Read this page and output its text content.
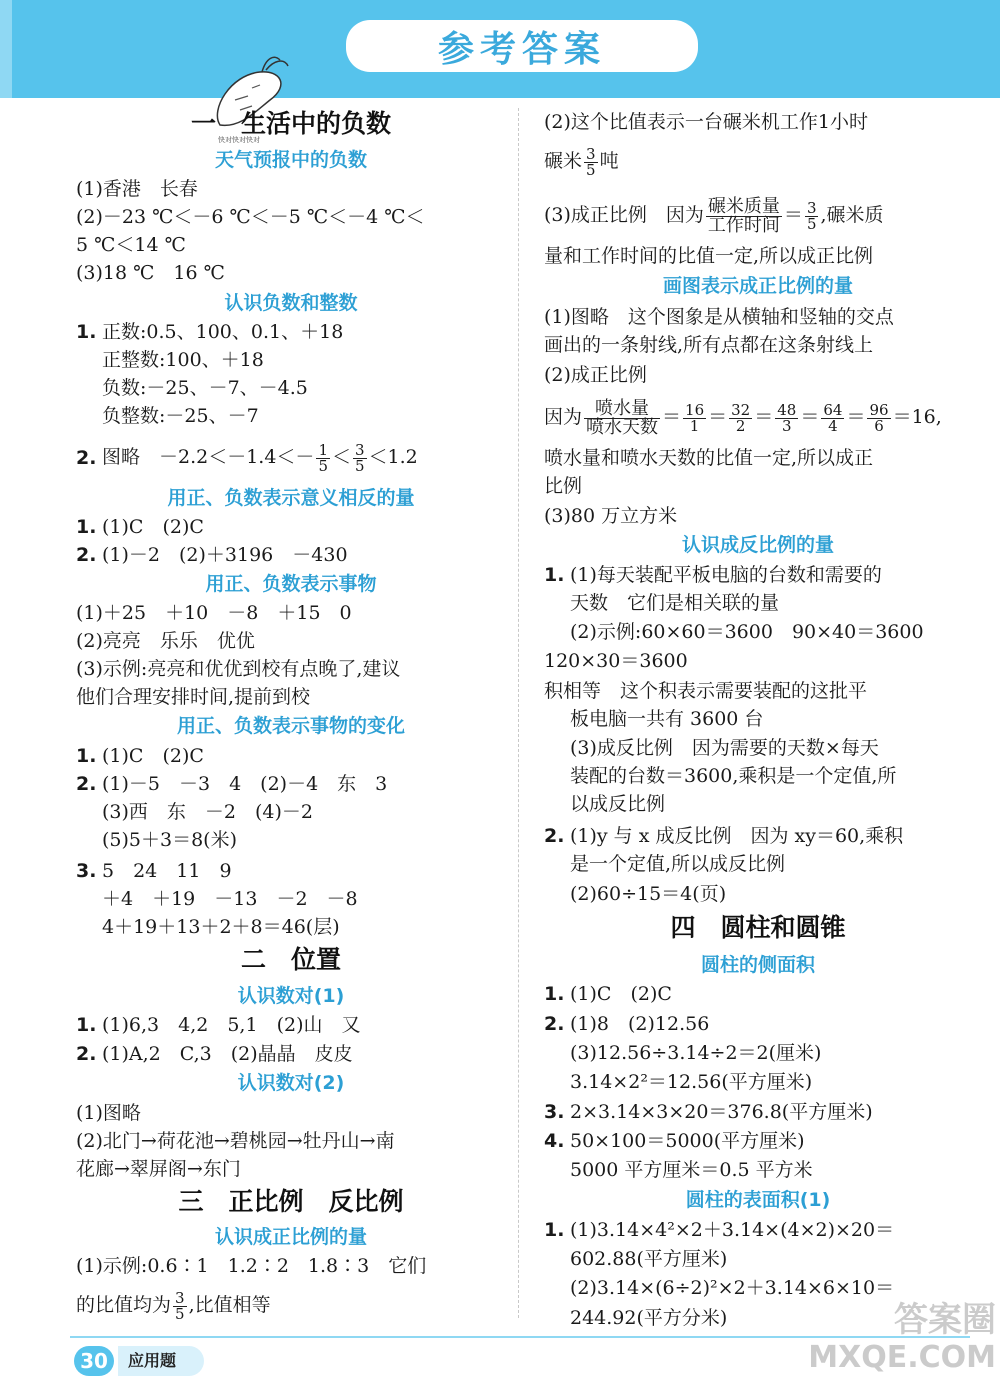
参考答案
快对快对快对
一　生活中的负数
天气预报中的负数
(1)香港　长春
(2)－23 ℃＜－6 ℃＜－5 ℃＜－4 ℃＜
5 ℃＜14 ℃
(3)18 ℃　16 ℃
认识负数和整数
1. 正数:0.5、100、0.1、＋18
正整数:100、＋18
负数:－25、－7、－4.5
负整数:－25、－7
2. 图略　$-2.2<-1.4<- \frac{1}{5} < \frac{3}{5} <1.2$
用正、负数表示意义相反的量
1. (1)C　(2)C
2. (1)－2　(2)＋3196　－430
用正、负数表示事物
(1)＋25　＋10　－8　＋15　0
(2)亮亮　乐乐　优优
(3)示例:亮亮和优优到校有点晚了,建议
他们合理安排时间,提前到校
用正、负数表示事物的变化
1. (1)C　(2)C
2. (1)－5　－3　4　(2)－4　东　3
(3)西　东　－2　(4)－2
(5)5＋3＝8(米)
3. 5　24　11　9
＋4　＋19　－13　－2　－8
4＋19＋13＋2＋8＝46(层)
二　位置
认识数对(1)
1. (1)6,3　4,2　5,1　(2)山　又
2. (1)A,2　C,3　(2)晶晶　皮皮
认识数对(2)
(1)图略
(2)北门→荷花池→碧桃园→牡丹山→南
花廊→翠屏阁→东门
三　正比例　反比例
认识成正比例的量
(1)示例:0.6∶1　1.2∶2　1.8∶3　它们
的比值均为 $\frac{3}{5}$ ,比值相等
(2)这个比值表示一台碾米机工作1小时
碾米 $\frac{3}{5}$ 吨
(3)成正比例　因为 $\frac{\text{碾米质量}}{\text{工作时间}} = \frac{3}{5}$ ,碾米质
量和工作时间的比值一定,所以成正比例
画图表示成正比例的量
(1)图略　这个图象是从横轴和竖轴的交点
画出的一条射线,所有点都在这条射线上
(2)成正比例
因为 $\frac{\text{喷水量}}{\text{喷水天数}} = \frac{16}{1} = \frac{32}{2} = \frac{48}{3} = \frac{64}{4} = \frac{96}{6} =16$,
喷水量和喷水天数的比值一定,所以成正
比例
(3)80 万立方米
认识成反比例的量
1. (1)每天装配平板电脑的台数和需要的
天数　它们是相关联的量
(2)示例:60×60＝3600　90×40＝3600
120×30＝3600
积相等　这个积表示需要装配的这批平
板电脑一共有 3600 台
(3)成反比例　因为需要的天数×每天
装配的台数＝3600,乘积是一个定值,所
以成反比例
2. (1)y 与 x 成反比例　因为 xy＝60,乘积
是一个定值,所以成反比例
(2)60÷15＝4(页)
四　圆柱和圆锥
圆柱的侧面积
1. (1)C　(2)C
2. (1)8　(2)12.56
(3)12.56÷3.14÷2＝2(厘米)
3.14×2²＝12.56(平方厘米)
3. 2×3.14×3×20＝376.8(平方厘米)
4. 50×100＝5000(平方厘米)
5000 平方厘米＝0.5 平方米
圆柱的表面积(1)
1. (1)3.14×4²×2＋3.14×(4×2)×20＝
602.88(平方厘米)
(2)3.14×(6÷2)²×2＋3.14×6×10＝
244.92(平方分米)
30	应用题
答案圈
MXQE.COM
